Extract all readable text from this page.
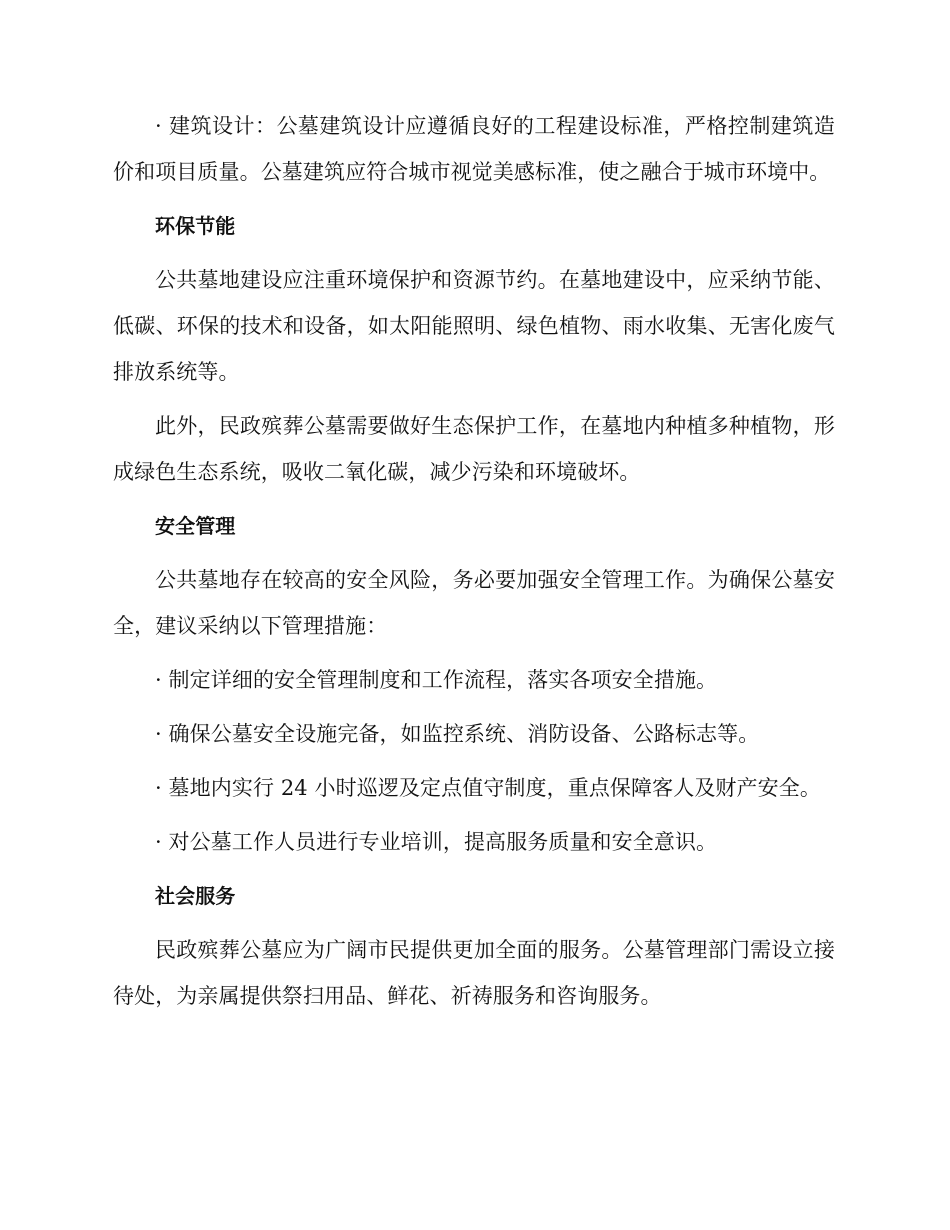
· 建筑设计：公墓建筑设计应遵循良好的工程建设标准，严格控制建筑造价和项目质量。公墓建筑应符合城市视觉美感标准，使之融合于城市环境中。

环保节能

公共墓地建设应注重环境保护和资源节约。在墓地建设中，应采纳节能、低碳、环保的技术和设备，如太阳能照明、绿色植物、雨水收集、无害化废气排放系统等。

此外，民政殡葬公墓需要做好生态保护工作，在墓地内种植多种植物，形成绿色生态系统，吸收二氧化碳，减少污染和环境破坏。

安全管理

公共墓地存在较高的安全风险，务必要加强安全管理工作。为确保公墓安全，建议采纳以下管理措施：

· 制定详细的安全管理制度和工作流程，落实各项安全措施。

· 确保公墓安全设施完备，如监控系统、消防设备、公路标志等。

· 墓地内实行 24 小时巡逻及定点值守制度，重点保障客人及财产安全。

· 对公墓工作人员进行专业培训，提高服务质量和安全意识。

社会服务

民政殡葬公墓应为广阔市民提供更加全面的服务。公墓管理部门需设立接待处，为亲属提供祭扫用品、鲜花、祈祷服务和咨询服务。
